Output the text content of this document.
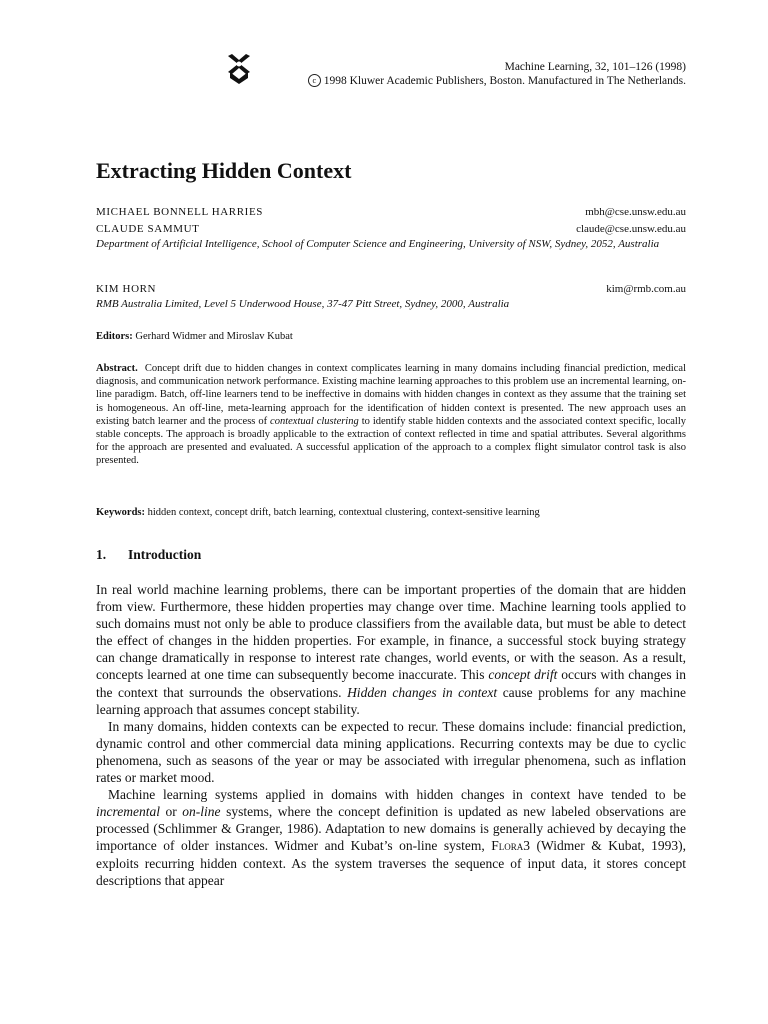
Machine Learning, 32, 101–126 (1998)
c 1998 Kluwer Academic Publishers, Boston. Manufactured in The Netherlands.
Extracting Hidden Context
MICHAEL BONNELL HARRIES	mbh@cse.unsw.edu.au
CLAUDE SAMMUT	claude@cse.unsw.edu.au
Department of Artificial Intelligence, School of Computer Science and Engineering, University of NSW, Sydney, 2052, Australia
KIM HORN	kim@rmb.com.au
RMB Australia Limited, Level 5 Underwood House, 37-47 Pitt Street, Sydney, 2000, Australia
Editors: Gerhard Widmer and Miroslav Kubat
Abstract. Concept drift due to hidden changes in context complicates learning in many domains including financial prediction, medical diagnosis, and communication network performance. Existing machine learning approaches to this problem use an incremental learning, on-line paradigm. Batch, off-line learners tend to be ineffective in domains with hidden changes in context as they assume that the training set is homogeneous. An off-line, meta-learning approach for the identification of hidden context is presented. The new approach uses an existing batch learner and the process of contextual clustering to identify stable hidden contexts and the associated context specific, locally stable concepts. The approach is broadly applicable to the extraction of context reflected in time and spatial attributes. Several algorithms for the approach are presented and evaluated. A successful application of the approach to a complex flight simulator control task is also presented.
Keywords: hidden context, concept drift, batch learning, contextual clustering, context-sensitive learning
1. Introduction

In real world machine learning problems, there can be important properties of the domain that are hidden from view. Furthermore, these hidden properties may change over time. Machine learning tools applied to such domains must not only be able to produce classifiers from the available data, but must be able to detect the effect of changes in the hidden properties. For example, in finance, a successful stock buying strategy can change dramatically in response to interest rate changes, world events, or with the season. As a result, concepts learned at one time can subsequently become inaccurate. This concept drift occurs with changes in the context that surrounds the observations. Hidden changes in context cause problems for any machine learning approach that assumes concept stability.

In many domains, hidden contexts can be expected to recur. These domains include: financial prediction, dynamic control and other commercial data mining applications. Recurring contexts may be due to cyclic phenomena, such as seasons of the year or may be associated with irregular phenomena, such as inflation rates or market mood.

Machine learning systems applied in domains with hidden changes in context have tended to be incremental or on-line systems, where the concept definition is updated as new labeled observations are processed (Schlimmer & Granger, 1986). Adaptation to new domains is generally achieved by decaying the importance of older instances. Widmer and Kubat’s on-line system, Flora3 (Widmer & Kubat, 1993), exploits recurring hidden context. As the system traverses the sequence of input data, it stores concept descriptions that appear
